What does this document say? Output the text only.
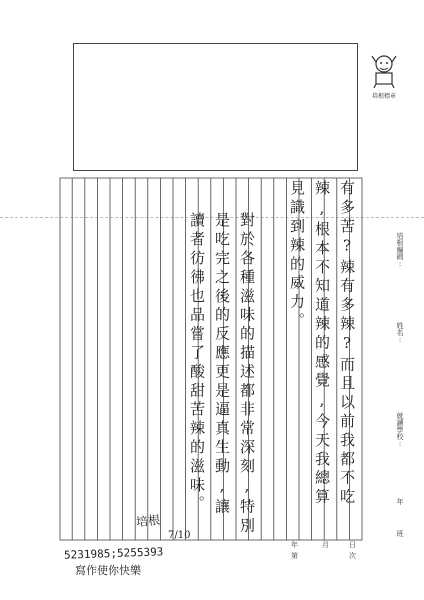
培根標章
有多苦?辣有多辣?而且以前我都不吃
辣,根本不知道辣的感覺,今天我總算
見識到辣的威力。
對於各種滋味的描述都非常深刻,特別
是吃完之後的反應更是逼真生動,讓
讀者彷彿也品嘗了酸甜苦辣的滋味。	培根編碼:
姓名:
就讀學校:
年
班
年	月	日
第	次
5231985;5255393
寫作使你快樂
培根
7/10
